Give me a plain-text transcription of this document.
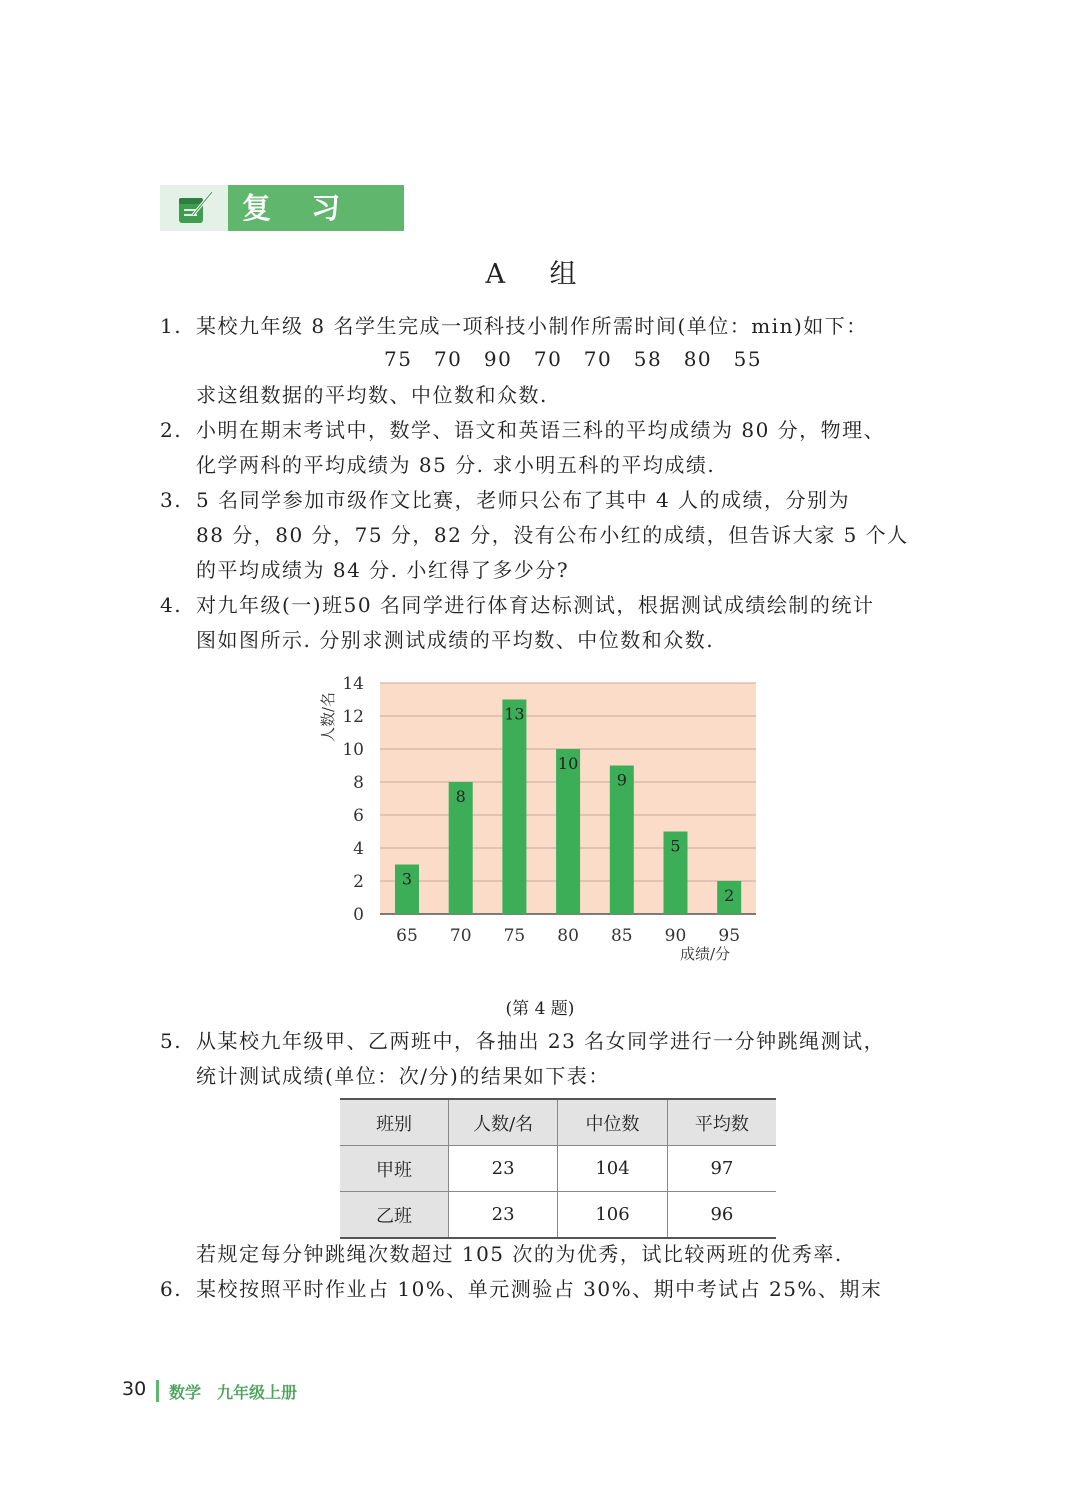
复 习 题
A 组
1. 某校九年级 8 名学生完成一项科技小制作所需时间(单位：min)如下：
75　70　90　70　70　58　80　55
求这组数据的平均数、中位数和众数.
2. 小明在期末考试中，数学、语文和英语三科的平均成绩为 80 分，物理、
化学两科的平均成绩为 85 分. 求小明五科的平均成绩.
3. 5 名同学参加市级作文比赛，老师只公布了其中 4 人的成绩，分别为
88 分，80 分，75 分，82 分，没有公布小红的成绩，但告诉大家 5 个人
的平均成绩为 84 分. 小红得了多少分?
4. 对九年级(一)班50 名同学进行体育达标测试，根据测试成绩绘制的统计
图如图所示. 分别求测试成绩的平均数、中位数和众数.
3
8
13
10
9
5
2
0
2
4
6
8
10
12
14
65 70 75 80 85 90 95
人数/名
成绩/分
(第 4 题)
5. 从某校九年级甲、乙两班中，各抽出 23 名女同学进行一分钟跳绳测试，
统计测试成绩(单位：次/分)的结果如下表：
若规定每分钟跳绳次数超过 105 次的为优秀，试比较两班的优秀率.
班别	人数/名	中位数	平均数
甲班	23	104	97
乙班	23	106	96
6. 某校按照平时作业占 10%、单元测验占 30%、期中考试占 25%、期末
30 数学　九年级上册
